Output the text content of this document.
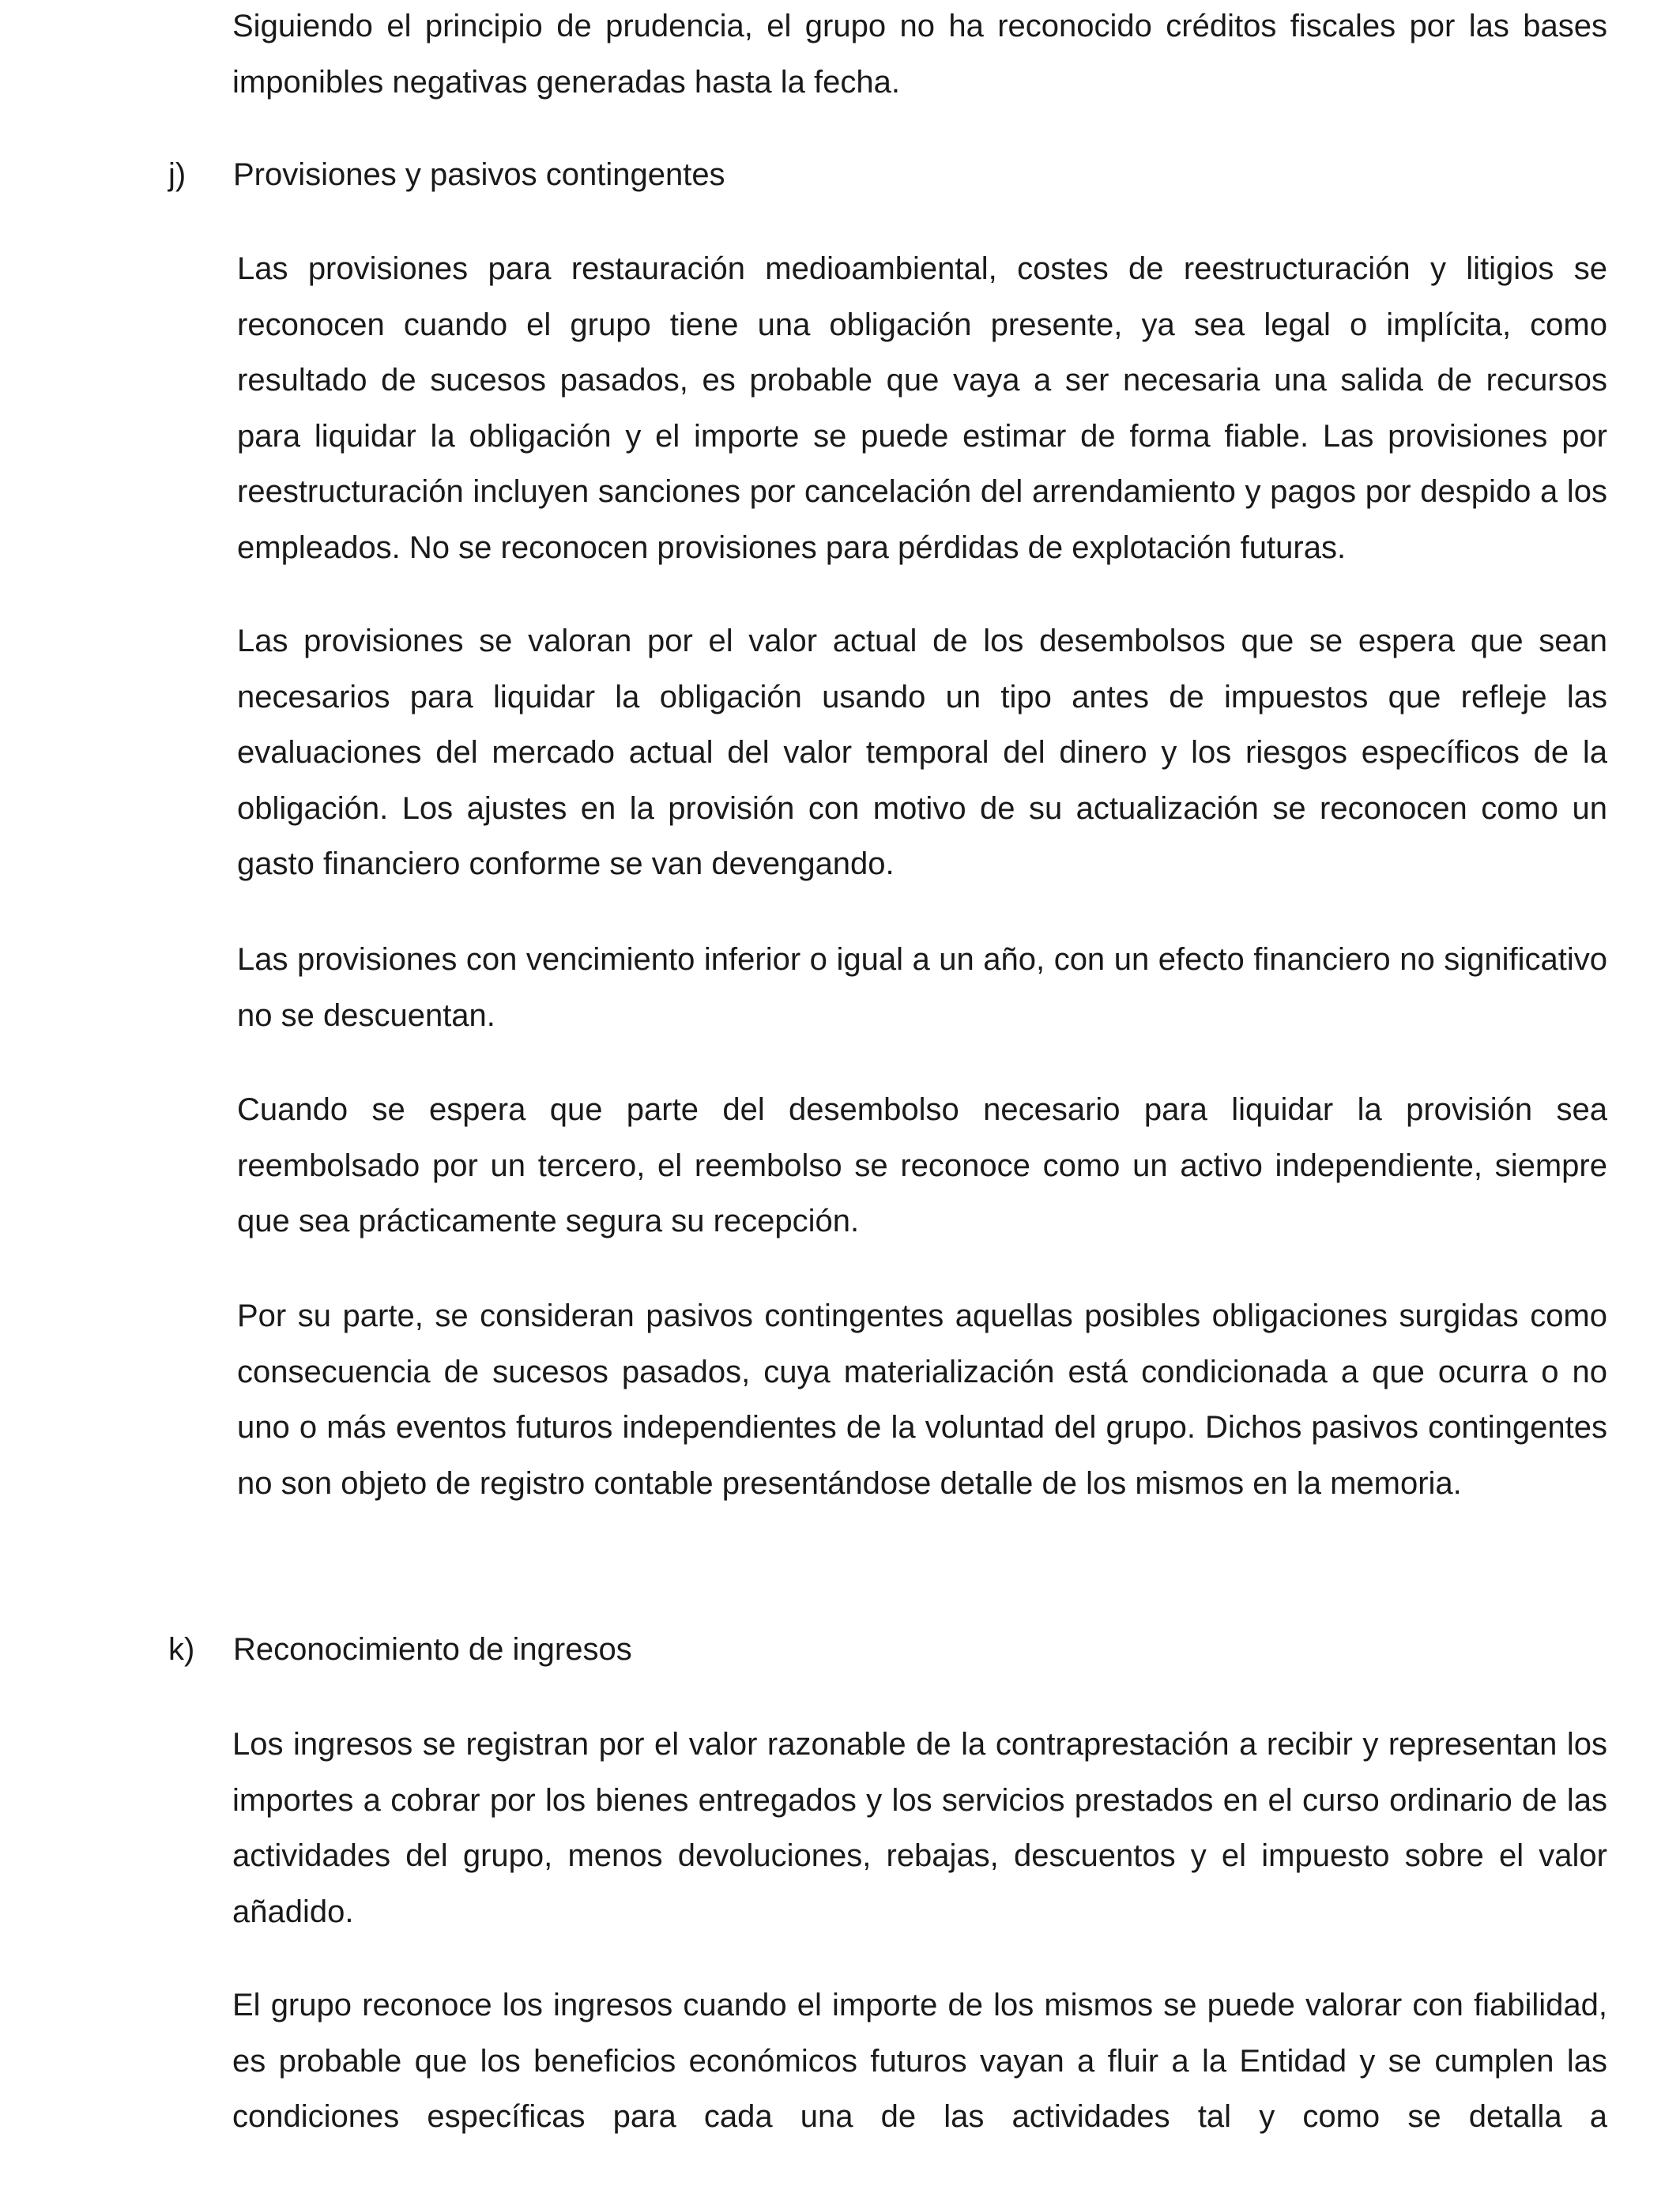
Siguiendo el principio de prudencia, el grupo no ha reconocido créditos fiscales por las bases imponibles negativas generadas hasta la fecha.

j) Provisiones y pasivos contingentes

Las provisiones para restauración medioambiental, costes de reestructuración y litigios se reconocen cuando el grupo tiene una obligación presente, ya sea legal o implícita, como resultado de sucesos pasados, es probable que vaya a ser necesaria una salida de recursos para liquidar la obligación y el importe se puede estimar de forma fiable. Las provisiones por reestructuración incluyen sanciones por cancelación del arrendamiento y pagos por despido a los empleados. No se reconocen provisiones para pérdidas de explotación futuras.

Las provisiones se valoran por el valor actual de los desembolsos que se espera que sean necesarios para liquidar la obligación usando un tipo antes de impuestos que refleje las evaluaciones del mercado actual del valor temporal del dinero y los riesgos específicos de la obligación. Los ajustes en la provisión con motivo de su actualización se reconocen como un gasto financiero conforme se van devengando.

Las provisiones con vencimiento inferior o igual a un año, con un efecto financiero no significativo no se descuentan.

Cuando se espera que parte del desembolso necesario para liquidar la provisión sea reembolsado por un tercero, el reembolso se reconoce como un activo independiente, siempre que sea prácticamente segura su recepción.

Por su parte, se consideran pasivos contingentes aquellas posibles obligaciones surgidas como consecuencia de sucesos pasados, cuya materialización está condicionada a que ocurra o no uno o más eventos futuros independientes de la voluntad del grupo. Dichos pasivos contingentes no son objeto de registro contable presentándose detalle de los mismos en la memoria.

k) Reconocimiento de ingresos

Los ingresos se registran por el valor razonable de la contraprestación a recibir y representan los importes a cobrar por los bienes entregados y los servicios prestados en el curso ordinario de las actividades del grupo, menos devoluciones, rebajas, descuentos y el impuesto sobre el valor añadido.

El grupo reconoce los ingresos cuando el importe de los mismos se puede valorar con fiabilidad, es probable que los beneficios económicos futuros vayan a fluir a la Entidad y se cumplen las condiciones específicas para cada una de las actividades tal y como se detalla a
